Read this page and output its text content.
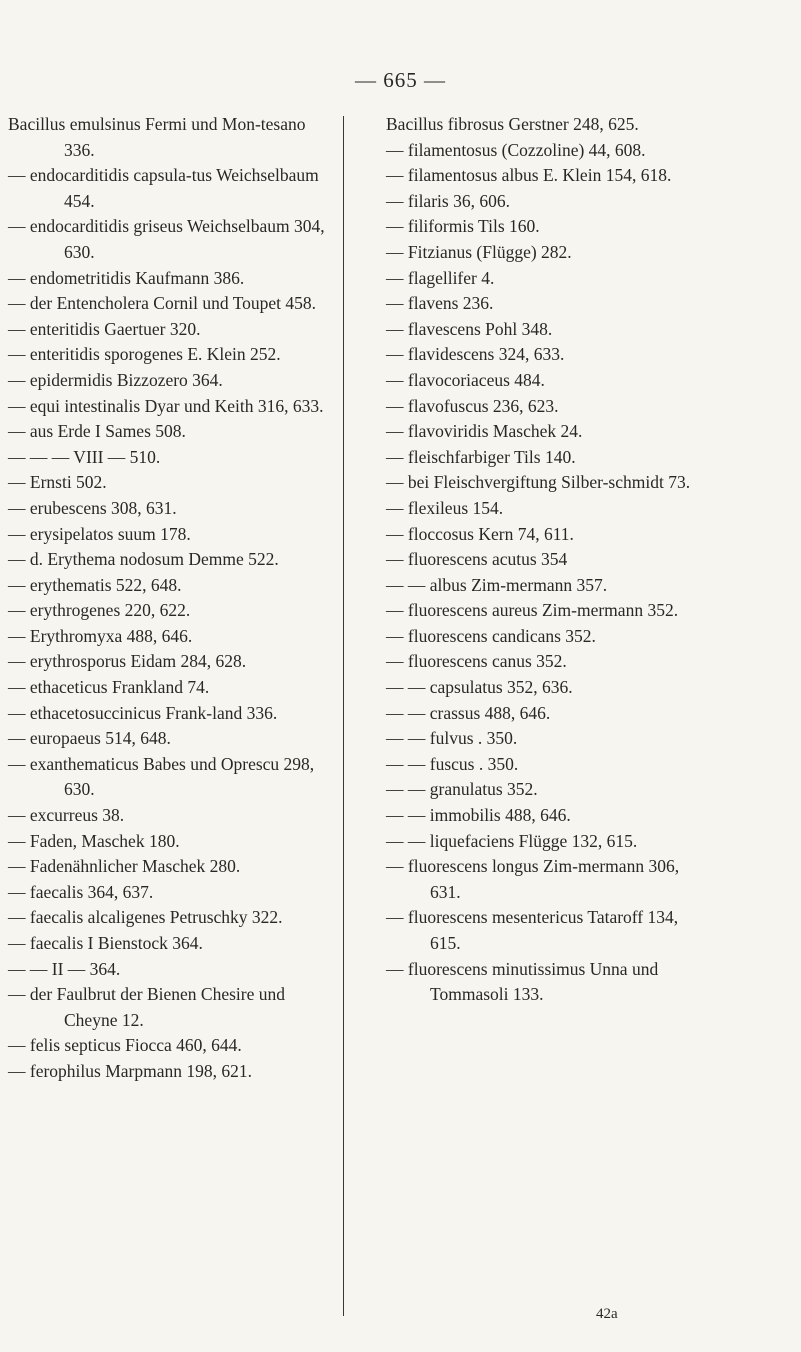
— 665 —

Bacillus emulsinus Fermi und Mon-tesano 336.

— endocarditidis capsula-tus Weichselbaum 454.

— endocarditidis griseus Weichselbaum 304, 630.

— endometritidis Kaufmann 386.

— der Entencholera Cornil und Toupet 458.

— enteritidis Gaertuer 320.

— enteritidis sporogenes E. Klein 252.

— epidermidis Bizzozero 364.

— equi intestinalis Dyar und Keith 316, 633.

— aus Erde I Sames 508.

— — — VIII — 510.

— Ernsti 502.

— erubescens 308, 631.

— erysipelatos suum 178.

— d. Erythema nodosum Demme 522.

— erythematis 522, 648.

— erythrogenes 220, 622.

— Erythromyxa 488, 646.

— erythrosporus Eidam 284, 628.

— ethaceticus Frankland 74.

— ethacetosuccinicus Frank-land 336.

— europaeus 514, 648.

— exanthematicus Babes und Oprescu 298, 630.

— excurreus 38.

— Faden, Maschek 180.

— Fadenähnlicher Maschek 280.

— faecalis 364, 637.

— faecalis alcaligenes Petruschky 322.

— faecalis I Bienstock 364.

— — II — 364.

— der Faulbrut der Bienen Chesire und Cheyne 12.

— felis septicus Fiocca 460, 644.

— ferophilus Marpmann 198, 621.

Bacillus fibrosus Gerstner 248, 625.

— filamentosus (Cozzoline) 44, 608.

— filamentosus albus E. Klein 154, 618.

— filaris 36, 606.

— filiformis Tils 160.

— Fitzianus (Flügge) 282.

— flagellifer 4.

— flavens 236.

— flavescens Pohl 348.

— flavidescens 324, 633.

— flavocoriaceus 484.

— flavofuscus 236, 623.

— flavoviridis Maschek 24.

— fleischfarbiger Tils 140.

— bei Fleischvergiftung Silber-schmidt 73.

— flexileus 154.

— floccosus Kern 74, 611.

— fluorescens acutus 354

— — albus Zim-mermann 357.

— fluorescens aureus Zim-mermann 352.

— fluorescens candicans 352.

— fluorescens canus 352.

— — capsulatus 352, 636.

— — crassus 488, 646.

— — fulvus . 350.

— — fuscus . 350.

— — granulatus 352.

— — immobilis 488, 646.

— — liquefaciens Flügge 132, 615.

— fluorescens longus Zim-mermann 306, 631.

— fluorescens mesentericus Tataroff 134, 615.

— fluorescens minutissimus Unna und Tommasoli 133.

42a
